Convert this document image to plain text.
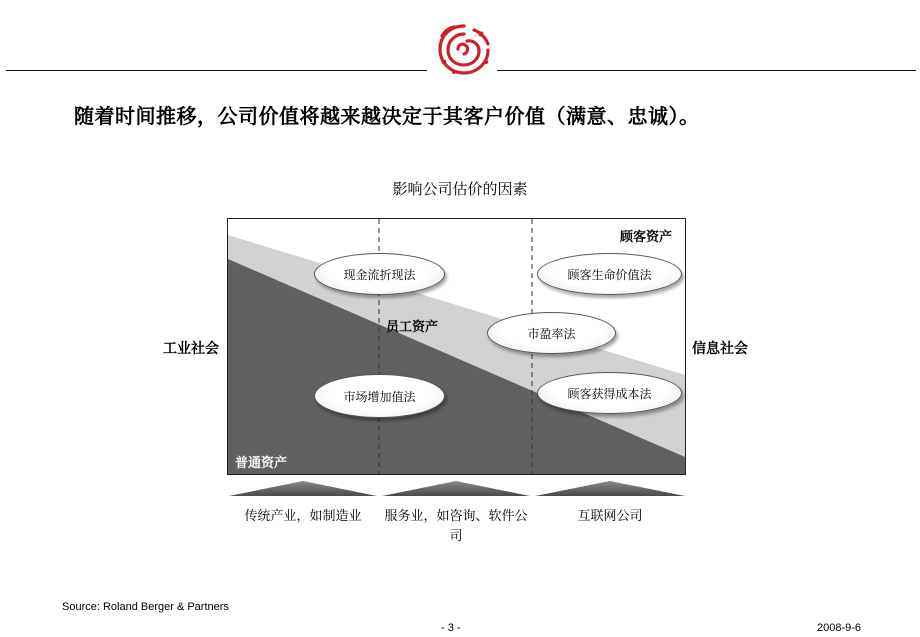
随着时间推移，公司价值将越来越决定于其客户价值（满意、忠诚）。
影响公司估价的因素
顾客资产
员工资产
普通资产
现金流折现法	顾客生命价值法
市盈率法
市场增加值法	顾客获得成本法
工业社会	信息社会
传统产业，如制造业	服务业，如咨询、软件公司
互联网公司
Source: Roland Berger & Partners
- 3 -	2008-9-6
